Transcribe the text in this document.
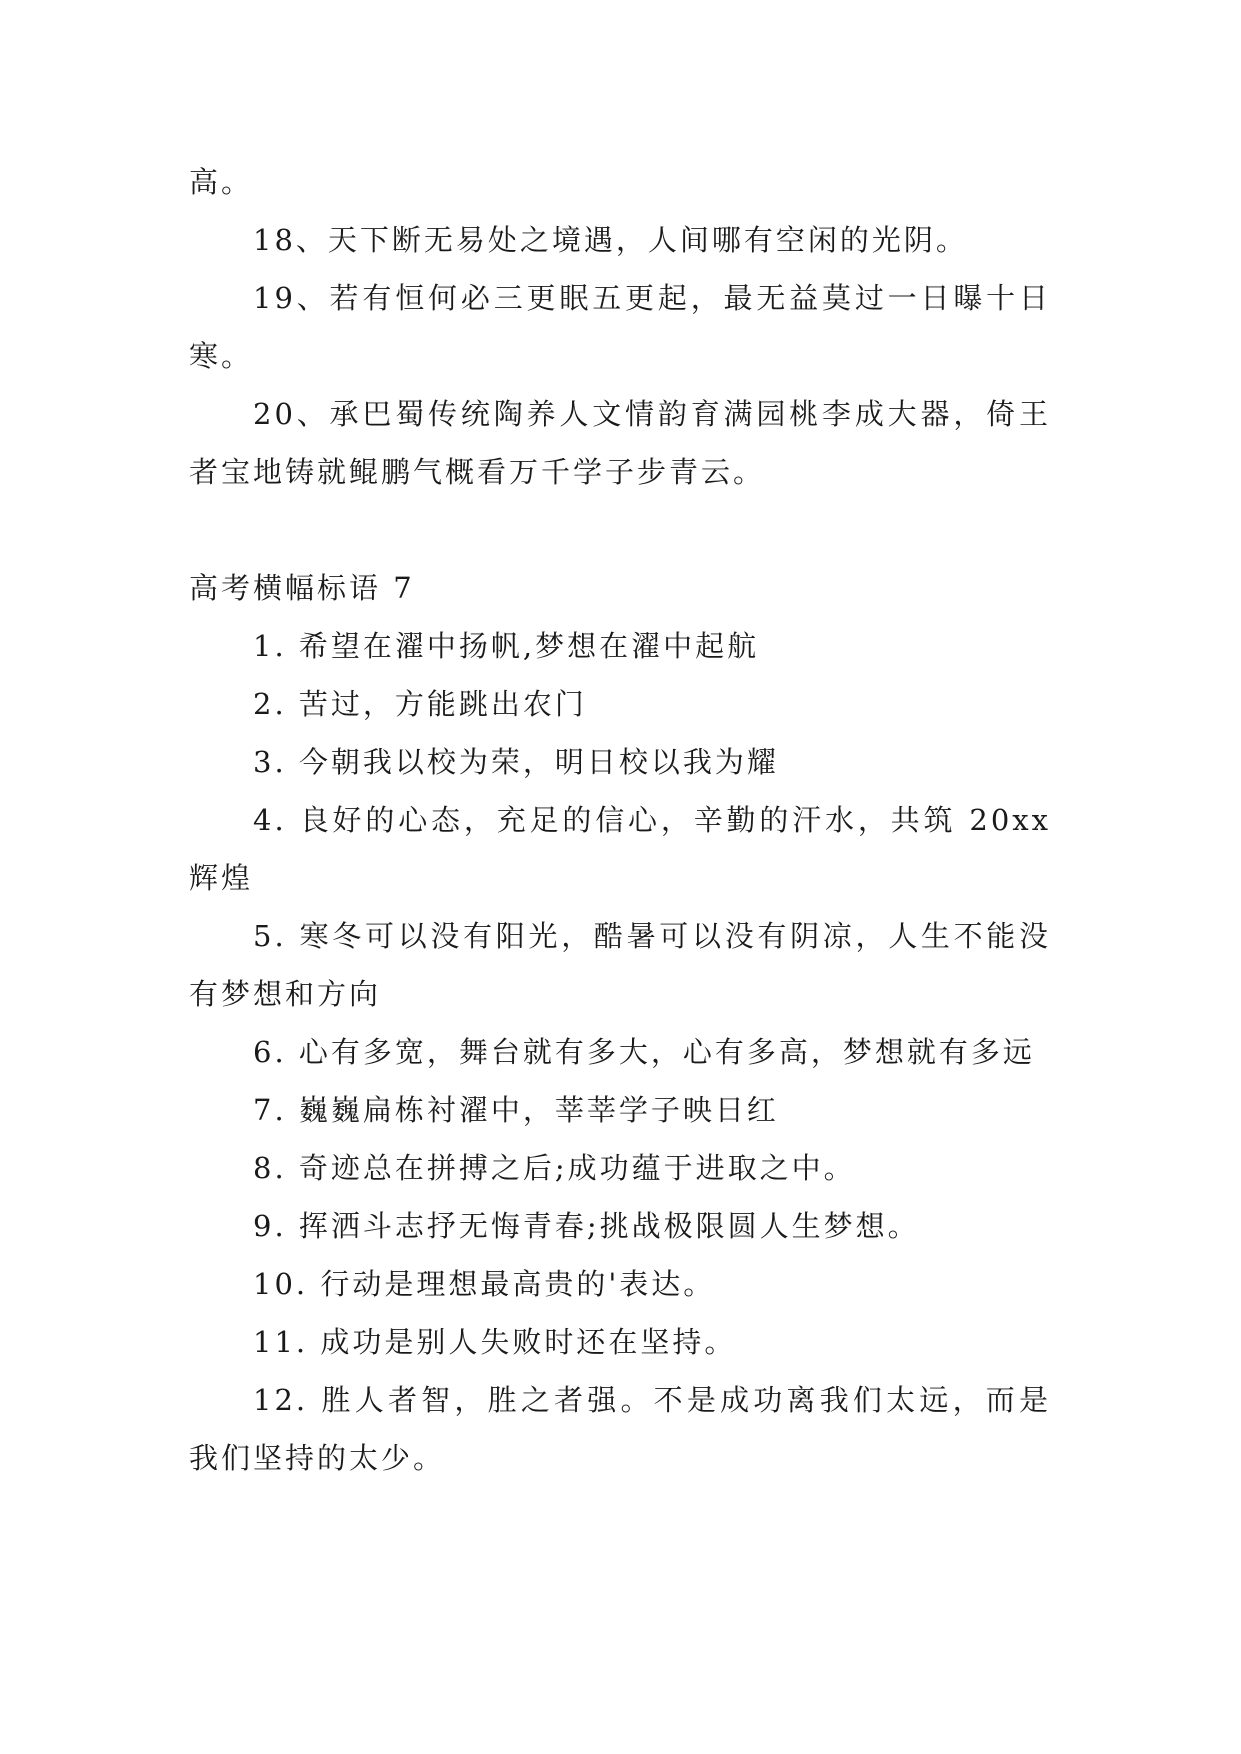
高。

18、天下断无易处之境遇，人间哪有空闲的光阴。

19、若有恒何必三更眠五更起，最无益莫过一日曝十日寒。

20、承巴蜀传统陶养人文情韵育满园桃李成大器，倚王者宝地铸就鲲鹏气概看万千学子步青云。

高考横幅标语 7

1. 希望在濯中扬帆,梦想在濯中起航

2. 苦过，方能跳出农门

3. 今朝我以校为荣，明日校以我为耀

4. 良好的心态，充足的信心，辛勤的汗水，共筑 20xx 辉煌

5. 寒冬可以没有阳光，酷暑可以没有阴凉，人生不能没有梦想和方向

6. 心有多宽，舞台就有多大，心有多高，梦想就有多远

7. 巍巍扁栋衬濯中，莘莘学子映日红

8. 奇迹总在拼搏之后;成功蕴于进取之中。

9. 挥洒斗志抒无悔青春;挑战极限圆人生梦想。

10. 行动是理想最高贵的'表达。

11. 成功是别人失败时还在坚持。

12. 胜人者智，胜之者强。不是成功离我们太远，而是我们坚持的太少。
